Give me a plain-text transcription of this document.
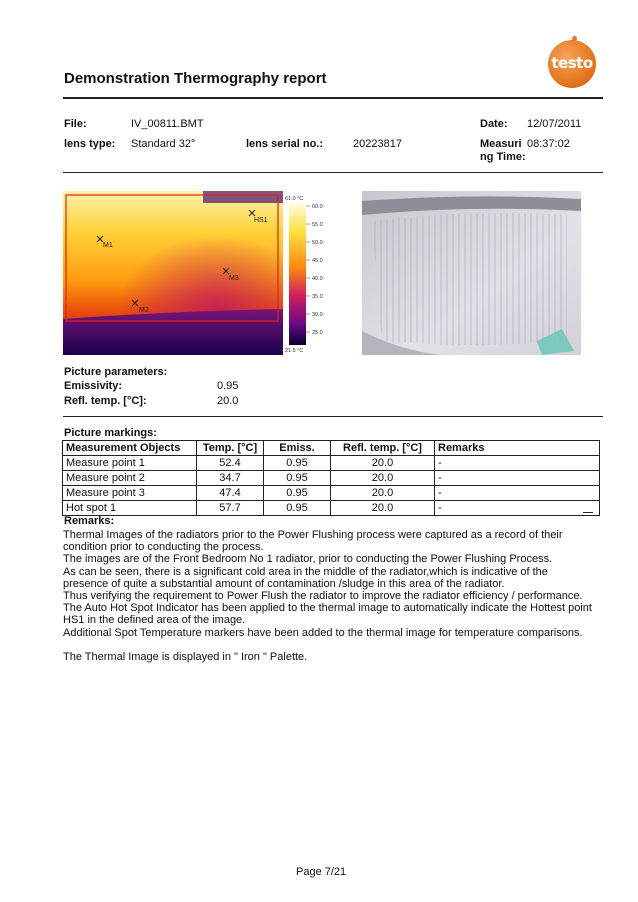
testo
Demonstration Thermography report
File:	IV_00811.BMT	Date: 12/07/2011
lens type: Standard 32°	lens serial no.:	20223817	Measuri
ng Time:
08:37:02
HS1
M1
M3
M2
61.0 °C
21.5 °C
60.0
55.0
50.0
45.0
40.0
35.0
30.0
25.0
Picture parameters:
Emissivity:	0.95
Refl. temp. [°C]:	20.0
Picture markings:
Measurement Objects	Temp. [°C]	Emiss.	Refl. temp. [°C]	Remarks
Measure point 1	52.4	0.95	20.0	-
Measure point 2	34.7	0.95	20.0	-
Measure point 3	47.4	0.95	20.0	-
Hot spot 1	57.7	0.95	20.0	-
Remarks:

Thermal Images of the radiators prior to the Power Flushing process were captured as a record of their

condition prior to conducting the process.

The images are of the Front Bedroom No 1 radiator, prior to conducting the Power Flushing Process.

As can be seen, there is a significant cold area in the middle of the radiator,which is indicative of the

presence of quite a substantial amount of contamination /sludge in this area of the radiator.

Thus verifying the requirement to Power Flush the radiator to improve the radiator efficiency / performance.

The Auto Hot Spot Indicator has been applied to the thermal image to automatically indicate the Hottest point

HS1 in the defined area of the image.

Additional Spot Temperature markers have been added to the thermal image for temperature comparisons.

The Thermal Image is displayed in " Iron " Palette.

Page 7/21
